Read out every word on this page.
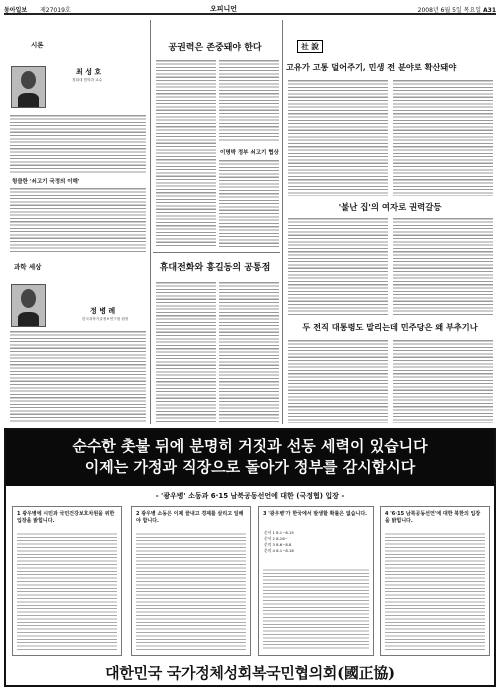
동아일보 제27019호	오피니언	2008년 6월 5일 목요일 A31
시론
최 성 호
경희대 법학과 교수
헝클한 '쇠고기 국정의 이해'
과학 세상
정 병 례
한국과학기술정보연구원 원장
공권력은 존중돼야 한다
이명박 정부 쇠고기 협상
휴대전화와 흥길동의 공통점
社 說
고유가 고통 덜어주기, 민생 전 분야로 확산돼야
'불난 집'의 여자로 권력갈등
두 전직 대통령도 말리는데 민주당은 왜 부추기나
순수한 촛불 뒤에 분명히 거짓과 선동 세력이 있습니다
이제는 가정과 직장으로 돌아가 정부를 감시합시다
- '광우병' 소동과 6·15 남북공동선언에 대한 (국정협) 입장 -
1 광우병에 시민과 국민건강보호차원을 위한 입장을 밝힙니다.
2 광우병 소동은 이제 끝내고 경제를 살리고 일해야 합니다.
3 '광우병'가 한국에서 발생할 확률은 없습니다.
순서 1 8.1~8.15
순서 2 8.16~
문의 3 8.6~8.8
문의 4 8.1~8.18
4 '6·15 남북공동선언'에 대한 북한의 입장을 밝힙니다.
대한민국 국가정체성회복국민협의회(國正協)
